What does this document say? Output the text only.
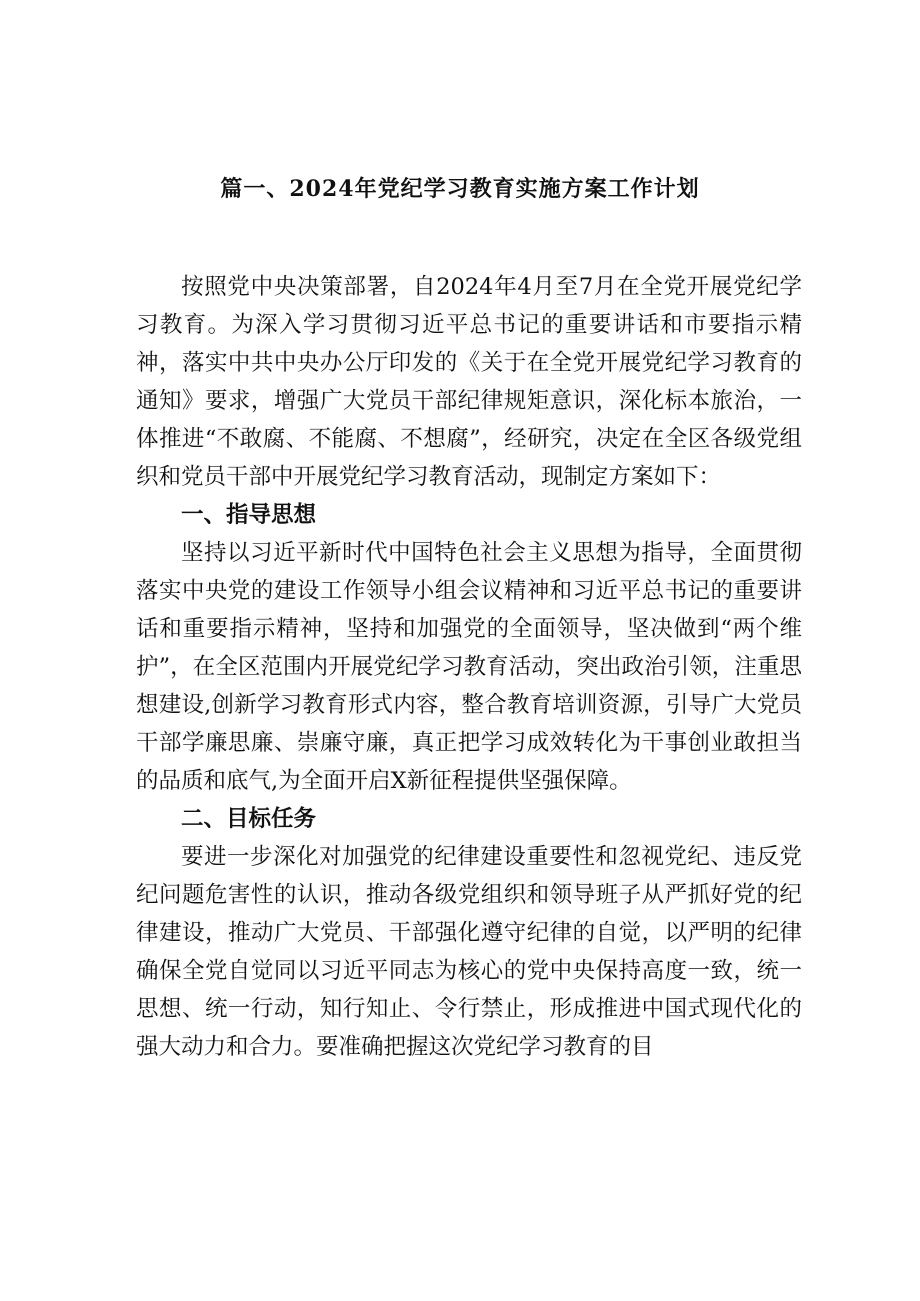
篇一、2024年党纪学习教育实施方案工作计划

按照党中央决策部署，自2024年4月至7月在全党开展党纪学习教育。为深入学习贯彻习近平总书记的重要讲话和市要指示精神，落实中共中央办公厅印发的《关于在全党开展党纪学习教育的通知》要求，增强广大党员干部纪律规矩意识，深化标本旅治，一体推进“不敢腐、不能腐、不想腐”，经研究，决定在全区各级党组织和党员干部中开展党纪学习教育活动，现制定方案如下：

一、指导思想

坚持以习近平新时代中国特色社会主义思想为指导，全面贯彻落实中央党的建设工作领导小组会议精神和习近平总书记的重要讲话和重要指示精神，坚持和加强党的全面领导，坚决做到“两个维护”，在全区范围内开展党纪学习教育活动，突出政治引领，注重思想建设,创新学习教育形式内容，整合教育培训资源，引导广大党员干部学廉思廉、崇廉守廉，真正把学习成效转化为干事创业敢担当的品质和底气,为全面开启X新征程提供坚强保障。

二、目标任务

要进一步深化对加强党的纪律建设重要性和忽视党纪、违反党纪问题危害性的认识，推动各级党组织和领导班子从严抓好党的纪律建设，推动广大党员、干部强化遵守纪律的自觉，以严明的纪律确保全党自觉同以习近平同志为核心的党中央保持高度一致，统一思想、统一行动，知行知止、令行禁止，形成推进中国式现代化的强大动力和合力。要准确把握这次党纪学习教育的目
